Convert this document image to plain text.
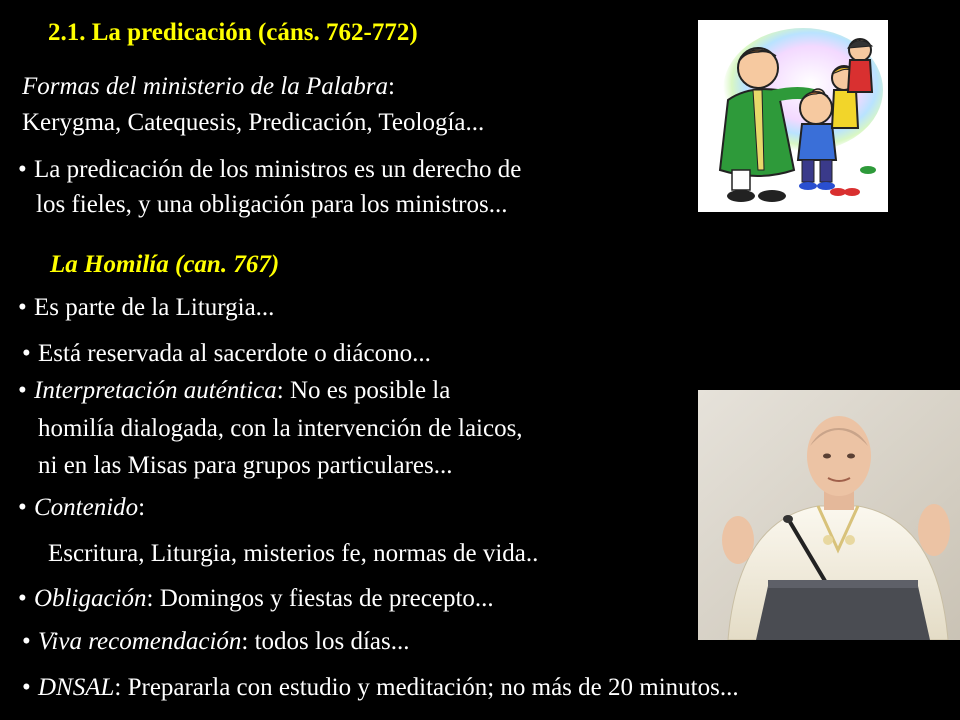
2.1. La predicación (cáns. 762-772)
Formas del ministerio de la Palabra:
Kerygma, Catequesis, Predicación, Teología...
• La predicación de los ministros es un derecho de
los fieles, y una obligación para los ministros...
La Homilía (can. 767)
• Es parte de la Liturgia...
• Está reservada al sacerdote o diácono...
• Interpretación auténtica: No es posible la
homilía dialogada, con la intervención de laicos,
ni en las Misas para grupos particulares...
• Contenido:
Escritura, Liturgia, misterios fe, normas de vida..
• Obligación: Domingos y fiestas de precepto...
• Viva recomendación: todos los días...
• DNSAL: Prepararla con estudio y meditación; no más de 20 minutos...
